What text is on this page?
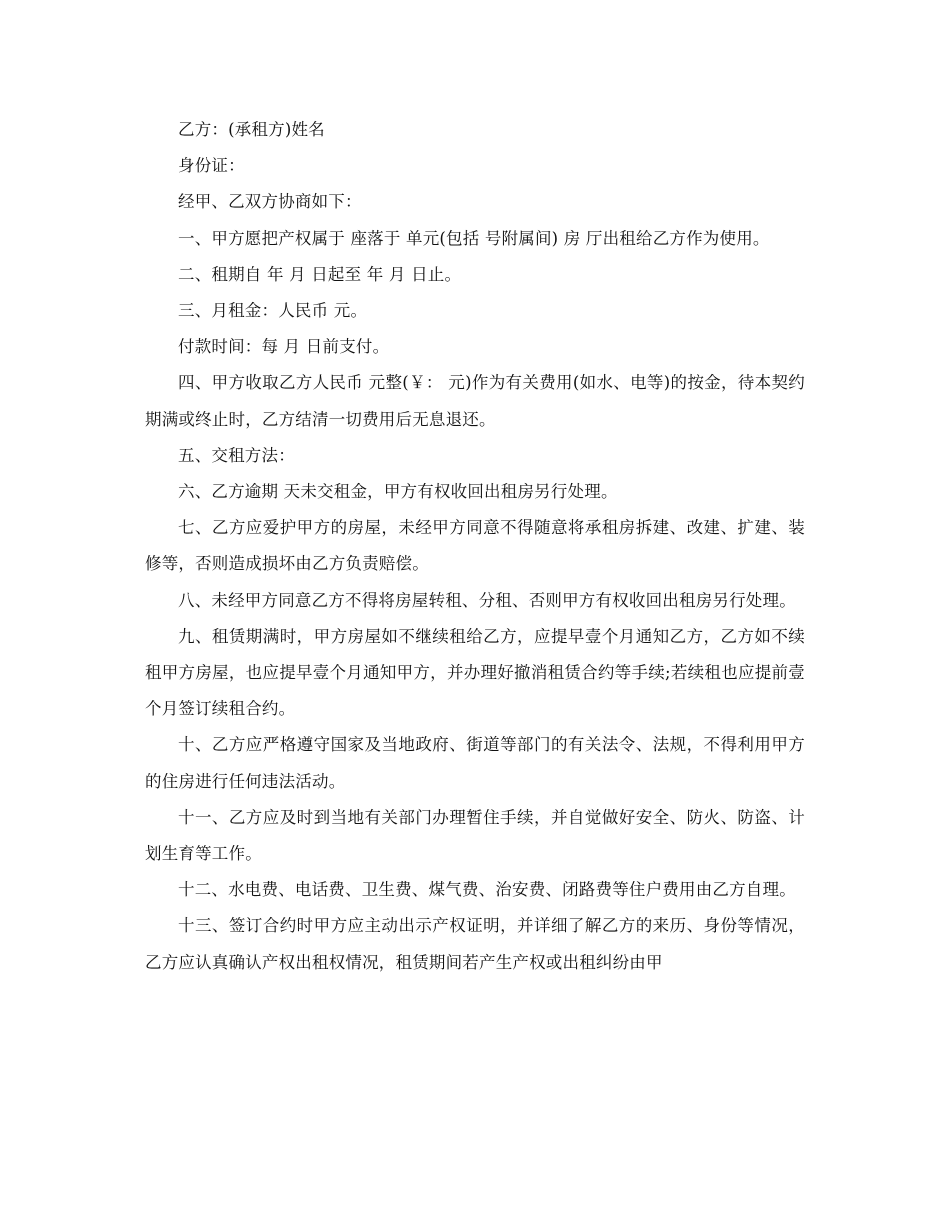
乙方：(承租方)姓名

身份证：

经甲、乙双方协商如下：

一、甲方愿把产权属于 座落于 单元(包括 号附属间) 房 厅出租给乙方作为使用。

二、租期自 年 月 日起至 年 月 日止。

三、月租金：人民币 元。

付款时间：每 月 日前支付。

四、甲方收取乙方人民币 元整(￥： 元)作为有关费用(如水、电等)的按金，待本契约期满或终止时，乙方结清一切费用后无息退还。

五、交租方法：

六、乙方逾期 天未交租金，甲方有权收回出租房另行处理。

七、乙方应爱护甲方的房屋，未经甲方同意不得随意将承租房拆建、改建、扩建、装修等，否则造成损坏由乙方负责赔偿。

八、未经甲方同意乙方不得将房屋转租、分租、否则甲方有权收回出租房另行处理。

九、租赁期满时，甲方房屋如不继续租给乙方，应提早壹个月通知乙方，乙方如不续租甲方房屋，也应提早壹个月通知甲方，并办理好撤消租赁合约等手续;若续租也应提前壹个月签订续租合约。

十、乙方应严格遵守国家及当地政府、街道等部门的有关法令、法规，不得利用甲方的住房进行任何违法活动。

十一、乙方应及时到当地有关部门办理暂住手续，并自觉做好安全、防火、防盗、计划生育等工作。

十二、水电费、电话费、卫生费、煤气费、治安费、闭路费等住户费用由乙方自理。

十三、签订合约时甲方应主动出示产权证明，并详细了解乙方的来历、身份等情况，乙方应认真确认产权出租权情况，租赁期间若产生产权或出租纠纷由甲
